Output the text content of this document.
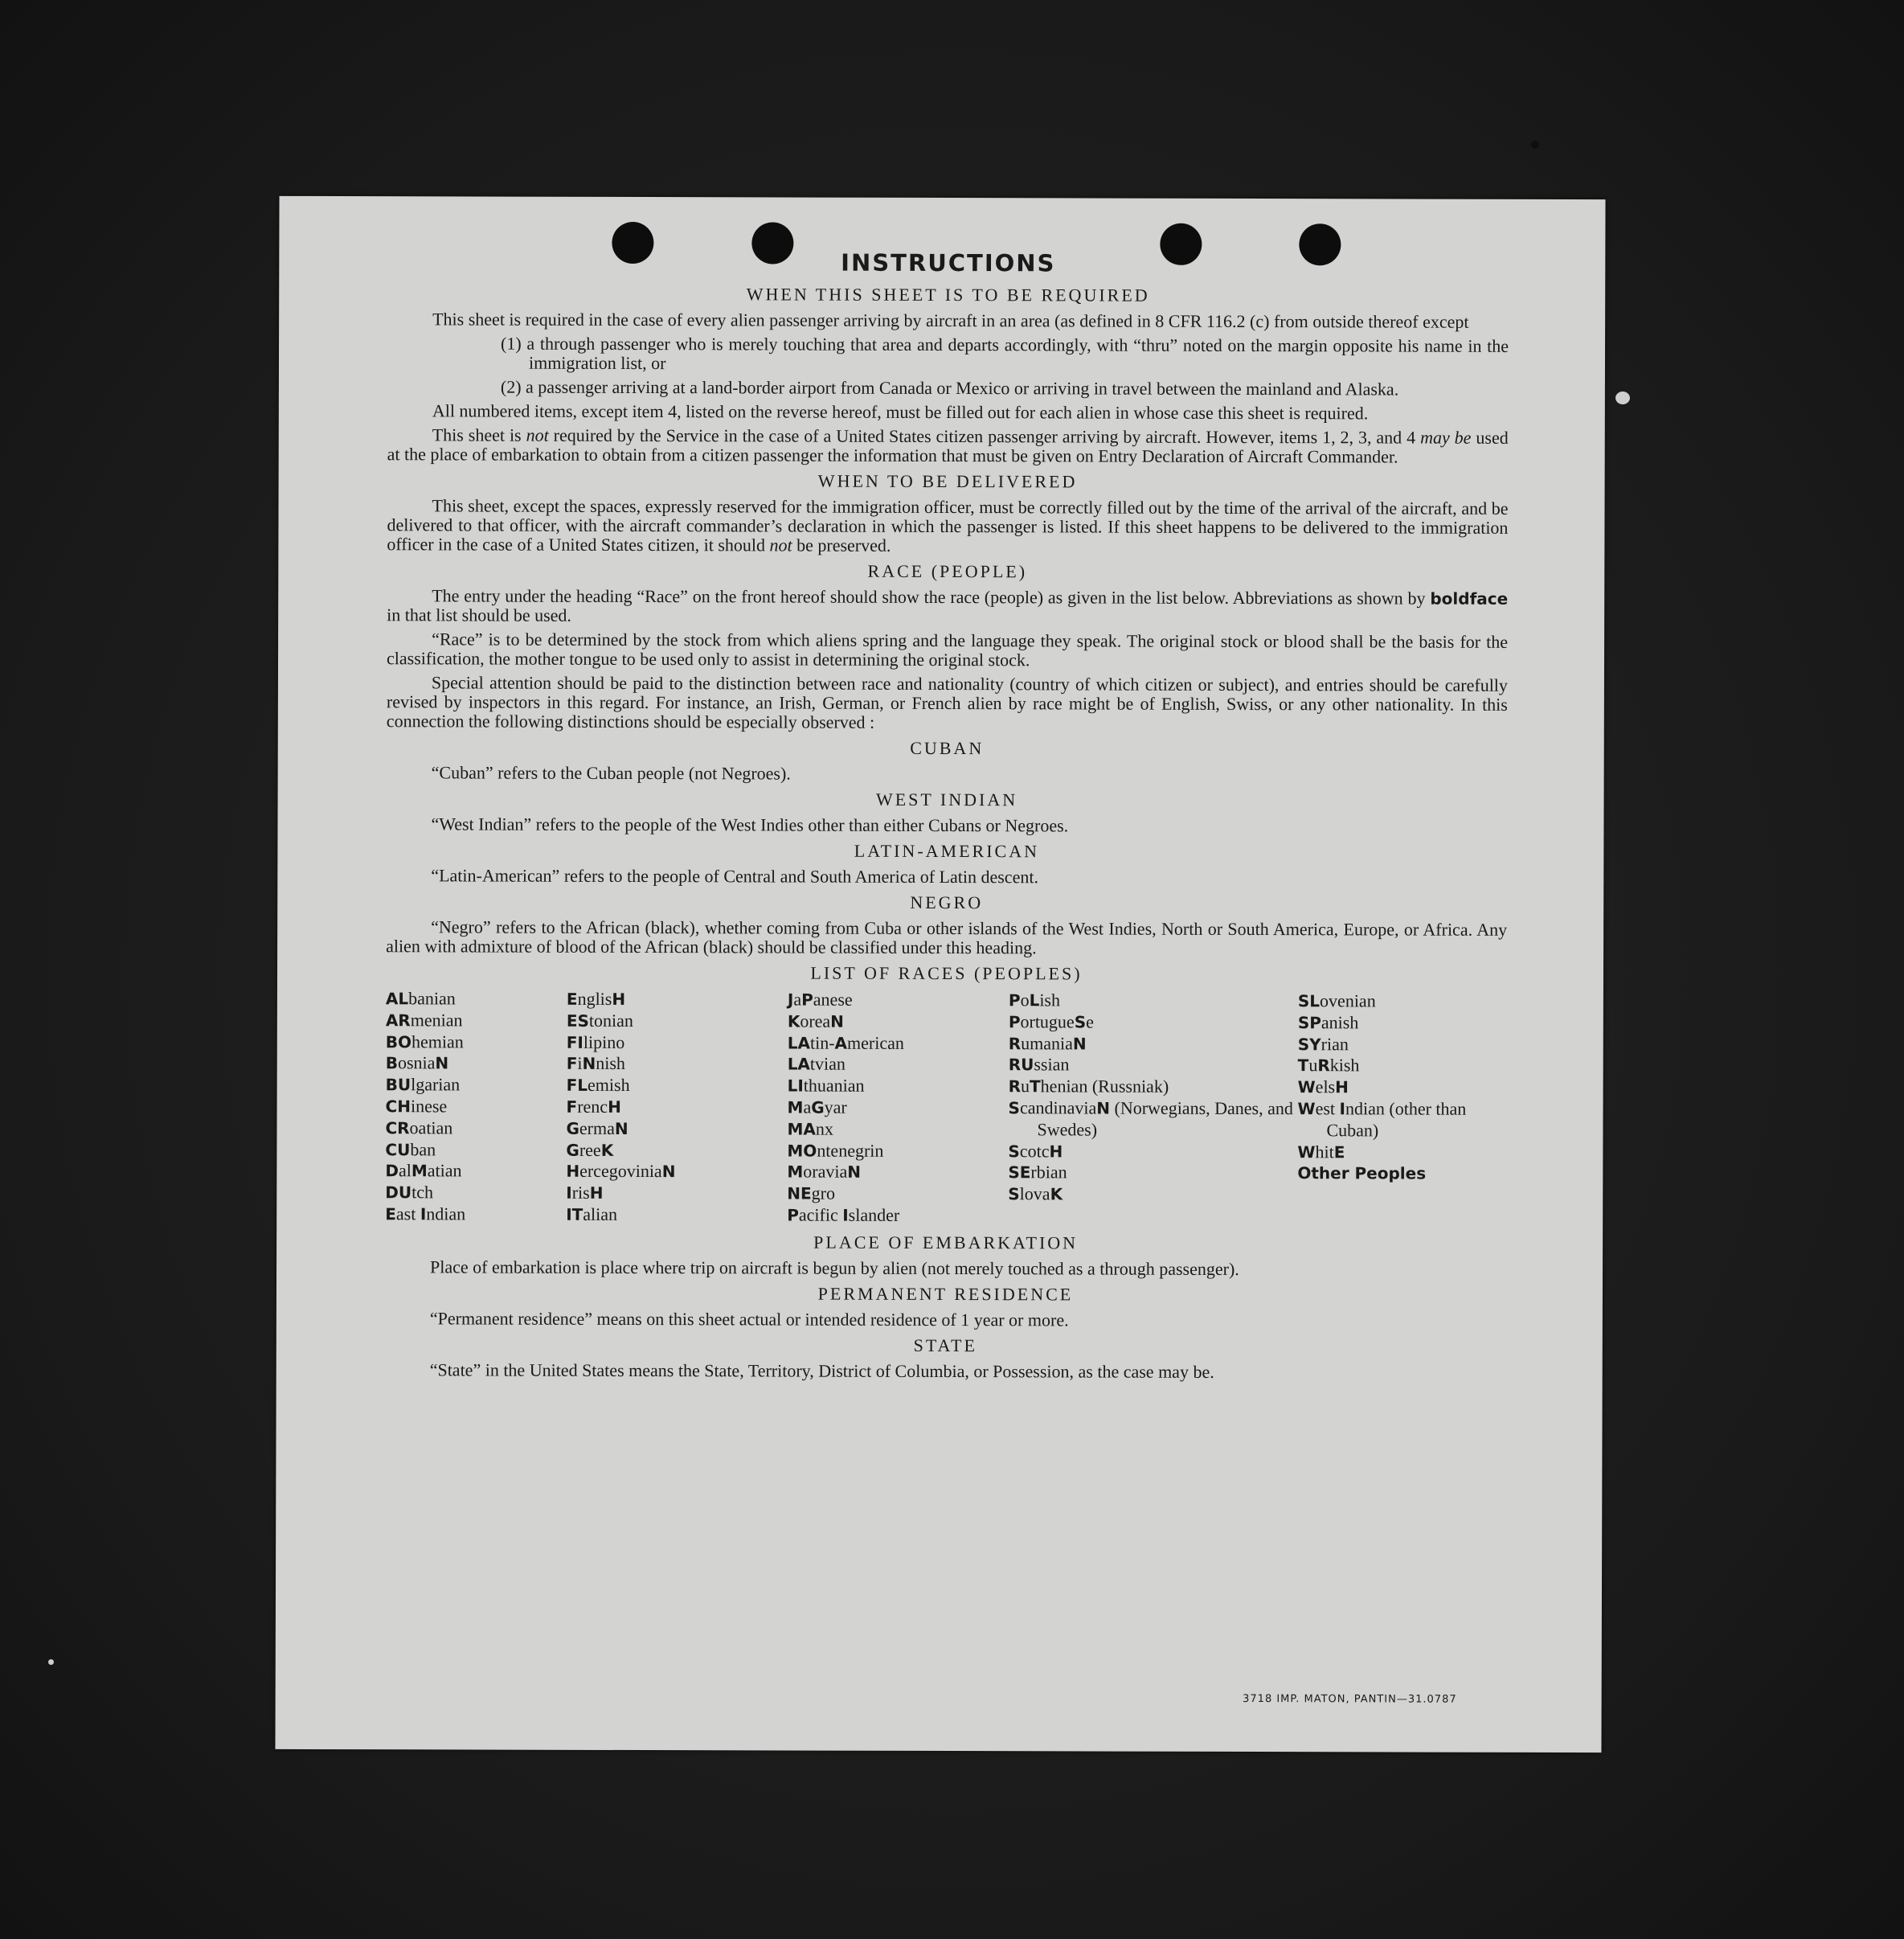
INSTRUCTIONS
WHEN THIS SHEET IS TO BE REQUIRED

This sheet is required in the case of every alien passenger arriving by aircraft in an area (as defined in 8 CFR 116.2 (c) from outside thereof except

(1) a through passenger who is merely touching that area and departs accordingly, with “thru” noted on the margin opposite his name in the immigration list, or
(2) a passenger arriving at a land-border airport from Canada or Mexico or arriving in travel between the mainland and Alaska.

All numbered items, except item 4, listed on the reverse hereof, must be filled out for each alien in whose case this sheet is required.

This sheet is not required by the Service in the case of a United States citizen passenger arriving by aircraft. However, items 1, 2, 3, and 4 may be used at the place of embarkation to obtain from a citizen passenger the information that must be given on Entry Declaration of Aircraft Commander.

WHEN TO BE DELIVERED

This sheet, except the spaces, expressly reserved for the immigration officer, must be correctly filled out by the time of the arrival of the aircraft, and be delivered to that officer, with the aircraft commander’s declaration in which the passenger is listed. If this sheet happens to be delivered to the immigration officer in the case of a United States citizen, it should not be preserved.

RACE (PEOPLE)

The entry under the heading “Race” on the front hereof should show the race (people) as given in the list below. Abbreviations as shown by boldface in that list should be used.

“Race” is to be determined by the stock from which aliens spring and the language they speak. The original stock or blood shall be the basis for the classification, the mother tongue to be used only to assist in determining the original stock.

Special attention should be paid to the distinction between race and nationality (country of which citizen or subject), and entries should be carefully revised by inspectors in this regard. For instance, an Irish, German, or French alien by race might be of English, Swiss, or any other nationality. In this connection the following distinctions should be especially observed :

CUBAN

“Cuban” refers to the Cuban people (not Negroes).

WEST INDIAN

“West Indian” refers to the people of the West Indies other than either Cubans or Negroes.

LATIN-AMERICAN

“Latin-American” refers to the people of Central and South America of Latin descent.

NEGRO

“Negro” refers to the African (black), whether coming from Cuba or other islands of the West Indies, North or South America, Europe, or Africa. Any alien with admixture of blood of the African (black) should be classified under this heading.

LIST OF RACES (PEOPLES)
ALbanian
ARmenian
BOhemian
BosniaN
BUlgarian
CHinese
CRoatian
CUban
DalMatian
DUtch
East Indian
EnglisH
EStonian
FIlipino
FiNnish
FLemish
FrencH
GermaN
GreeK
HercegoviniaN
IrisH
ITalian
JaPanese
KoreaN
LAtin-American
LAtvian
LIthuanian
MaGyar
MAnx
MOntenegrin
MoraviaN
NEgro
Pacific Islander
PoLish
PortugueSe
RumaniaN
RUssian
RuThenian (Russniak)
ScandinaviaN (Norwegians, Danes, and Swedes)
ScotcH
SErbian
SlovaK
SLovenian
SPanish
SYrian
TuRkish
WelsH
West Indian (other than Cuban)
WhitE
Other Peoples
PLACE OF EMBARKATION

Place of embarkation is place where trip on aircraft is begun by alien (not merely touched as a through passenger).

PERMANENT RESIDENCE

“Permanent residence” means on this sheet actual or intended residence of 1 year or more.

STATE

“State” in the United States means the State, Territory, District of Columbia, or Possession, as the case may be.

3718 IMP. MATON, PANTIN—31.0787
